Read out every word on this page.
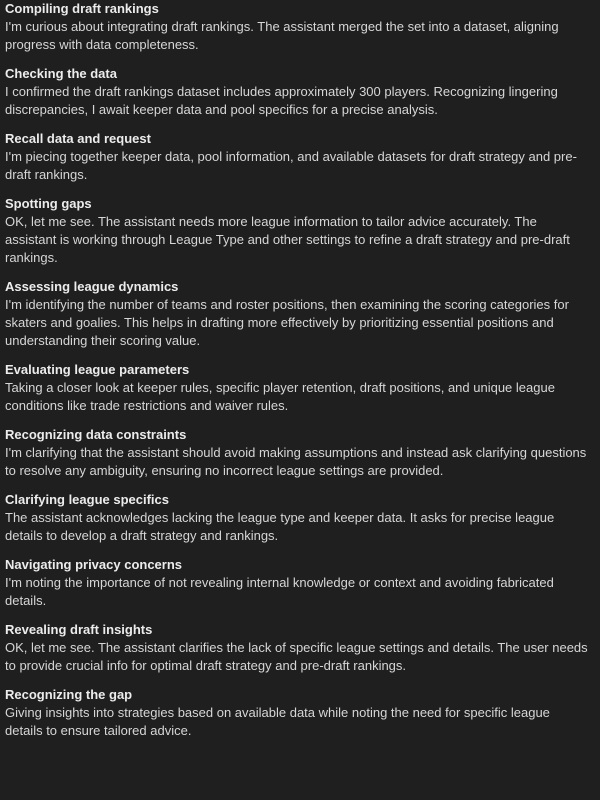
Compiling draft rankings
I'm curious about integrating draft rankings. The assistant merged the set into a dataset, aligning progress with data completeness.
Checking the data
I confirmed the draft rankings dataset includes approximately 300 players. Recognizing lingering discrepancies, I await keeper data and pool specifics for a precise analysis.
Recall data and request
I'm piecing together keeper data, pool information, and available datasets for draft strategy and pre-draft rankings.
Spotting gaps
OK, let me see. The assistant needs more league information to tailor advice accurately. The assistant is working through League Type and other settings to refine a draft strategy and pre-draft rankings.
Assessing league dynamics
I'm identifying the number of teams and roster positions, then examining the scoring categories for skaters and goalies. This helps in drafting more effectively by prioritizing essential positions and understanding their scoring value.
Evaluating league parameters
Taking a closer look at keeper rules, specific player retention, draft positions, and unique league conditions like trade restrictions and waiver rules.
Recognizing data constraints
I'm clarifying that the assistant should avoid making assumptions and instead ask clarifying questions to resolve any ambiguity, ensuring no incorrect league settings are provided.
Clarifying league specifics
The assistant acknowledges lacking the league type and keeper data. It asks for precise league details to develop a draft strategy and rankings.
Navigating privacy concerns
I'm noting the importance of not revealing internal knowledge or context and avoiding fabricated details.
Revealing draft insights
OK, let me see. The assistant clarifies the lack of specific league settings and details. The user needs to provide crucial info for optimal draft strategy and pre-draft rankings.
Recognizing the gap
Giving insights into strategies based on available data while noting the need for specific league details to ensure tailored advice.
